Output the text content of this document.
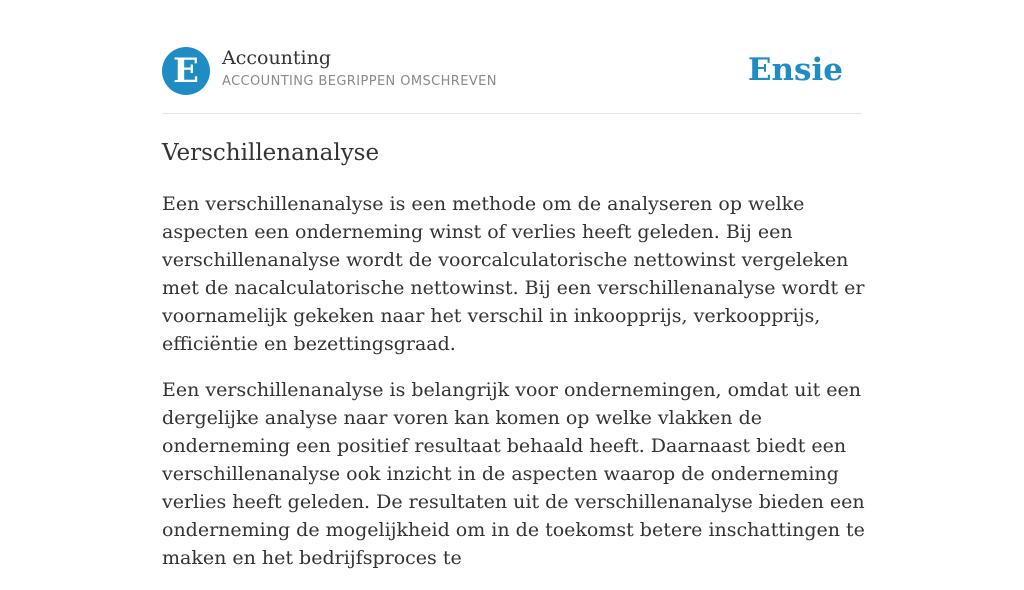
E	Accounting
ACCOUNTING BEGRIPPEN OMSCHREVEN	Ensie
Verschillenanalyse

Een verschillenanalyse is een methode om de analyseren op welke aspecten een onderneming winst of verlies heeft geleden. Bij een verschillenanalyse wordt de voorcalculatorische nettowinst vergeleken met de nacalculatorische nettowinst. Bij een verschillenanalyse wordt er voornamelijk gekeken naar het verschil in inkoopprijs, verkoopprijs, efficiëntie en bezettingsgraad.

Een verschillenanalyse is belangrijk voor ondernemingen, omdat uit een dergelijke analyse naar voren kan komen op welke vlakken de onderneming een positief resultaat behaald heeft. Daarnaast biedt een verschillenanalyse ook inzicht in de aspecten waarop de onderneming verlies heeft geleden. De resultaten uit de verschillenanalyse bieden een onderneming de mogelijkheid om in de toekomst betere inschattingen te maken en het bedrijfsproces te
